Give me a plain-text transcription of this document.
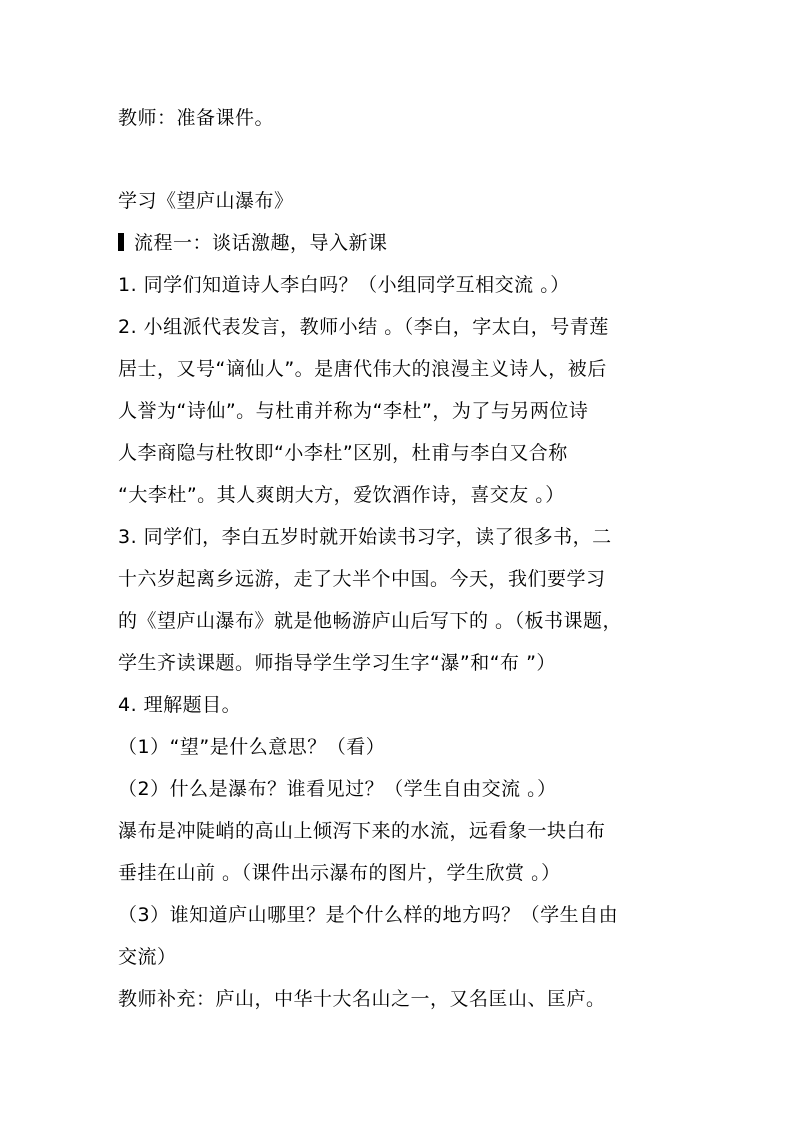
教师：准备课件。
学习《望庐山瀑布》
流程一：谈话激趣，导入新课
1. 同学们知道诗人李白吗？（小组同学互相交流 。）
2. 小组派代表发言，教师小结 。（李白，字太白，号青莲
居士，又号“谪仙人”。是唐代伟大的浪漫主义诗人，被后
人誉为“诗仙”。与杜甫并称为“李杜”，为了与另两位诗
人李商隐与杜牧即“小李杜”区别，杜甫与李白又合称
“大李杜”。其人爽朗大方，爱饮酒作诗，喜交友 。）
3. 同学们，李白五岁时就开始读书习字，读了很多书，二
十六岁起离乡远游，走了大半个中国。今天，我们要学习
的《望庐山瀑布》就是他畅游庐山后写下的 。（板书课题，
学生齐读课题。师指导学生学习生字“瀑”和“布 ”）
4. 理解题目。
（1）“望”是什么意思？（看）
（2）什么是瀑布？谁看见过？（学生自由交流 。）
瀑布是冲陡峭的高山上倾泻下来的水流，远看象一块白布
垂挂在山前 。（课件出示瀑布的图片，学生欣赏 。）
（3）谁知道庐山哪里？是个什么样的地方吗？（学生自由
交流）
教师补充：庐山，中华十大名山之一，又名匡山、匡庐。
